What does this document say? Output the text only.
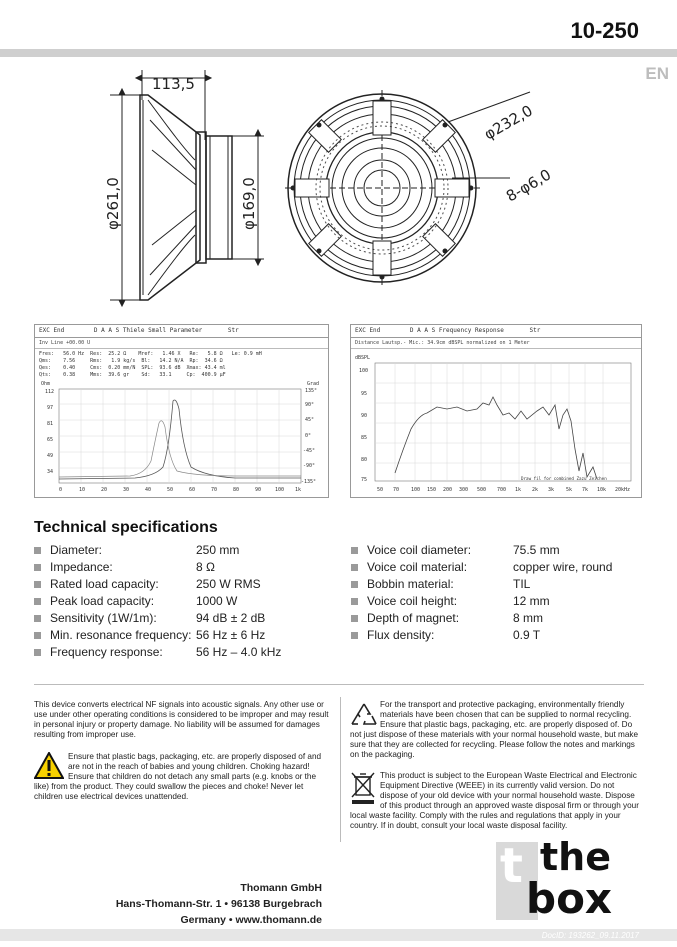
10-250
EN
113,5
φ261,0	φ169,0
φ232,0
8-φ6,0
EXC End	D A A S Thiele Small Parameter	Str
Inv Line +00.00 U
Fres:   56.0 Hz  Res:  25.2 Ω    Mref:   1.46 X   Re:   5.8 Ω   Le: 0.9 mH
Qms:    7.56     Rms:   1.9 kg/s  Bl:   14.2 N/A  Rp:  34.6 Ω
Qes:    0.40     Cms:  0.20 mm/N  SPL:  93.6 dB  Xmax: 43.4 ml
Qts:    0.38     Mms:  39.6 gr    Sd:   33.1     Cp:  400.9 µF
Ohm	Grad
112
97
81
65
49
34
135°
90°
45°
0°
-45°
-90°
-135°
0	10	20	30	40	50	60	70	80	90	100 1k
EXC End	D A A S Frequency Response	Str
Distance Lautsp.- Mic.: 34.9cm dBSPL normalized on 1 Meter
dBSPL
100
95
90
85
80
75
50 70 100 150 200 300 500 700 1k 2k 3k 5k 7k 10k 20kHz
Draw fil for combined Zazu Zeichen
Technical specifications
Diameter:	250 mm
Impedance:	8 Ω
Rated load capacity:	250 W RMS
Peak load capacity:	1000 W
Sensitivity (1W/1m):	94 dB ± 2 dB
Min. resonance frequency: 56 Hz ± 6 Hz
Frequency response:	56 Hz – 4.0 kHz
Voice coil diameter:	75.5 mm
Voice coil material:	copper wire, round
Bobbin material:	TIL
Voice coil height:	12 mm
Depth of magnet:	8 mm
Flux density:	0.9 T
This device converts electrical NF signals into acoustic signals. Any other use or use under other operating conditions is considered to be improper and may result in personal injury or property damage. No liability will be assumed for damages resulting from improper use.
Ensure that plastic bags, packaging, etc. are properly disposed of and are not in the reach of babies and young children. Choking hazard! Ensure that children do not detach any small parts (e.g. knobs or the like) from the product. They could swallow the pieces and choke! Never let children use electrical devices unattended.
For the transport and protective packaging, environmentally friendly materials have been chosen that can be supplied to normal recycling. Ensure that plastic bags, packaging, etc. are properly disposed of. Do not just dispose of these materials with your normal household waste, but make sure that they are collected for recycling. Please follow the notes and markings on the packaging.
This product is subject to the European Waste Electrical and Electronic Equipment Directive (WEEE) in its currently valid version. Do not dispose of your old device with your normal household waste. Dispose of this product through an approved waste disposal firm or through your local waste facility. Comply with the rules and regulations that apply in your country. If in doubt, consult your local waste disposal facility.
Thomann GmbH
Hans-Thomann-Str. 1 • 96138 Burgebrach
Germany • www.thomann.de
t the
box
DocID: 193262_09.11.2017
